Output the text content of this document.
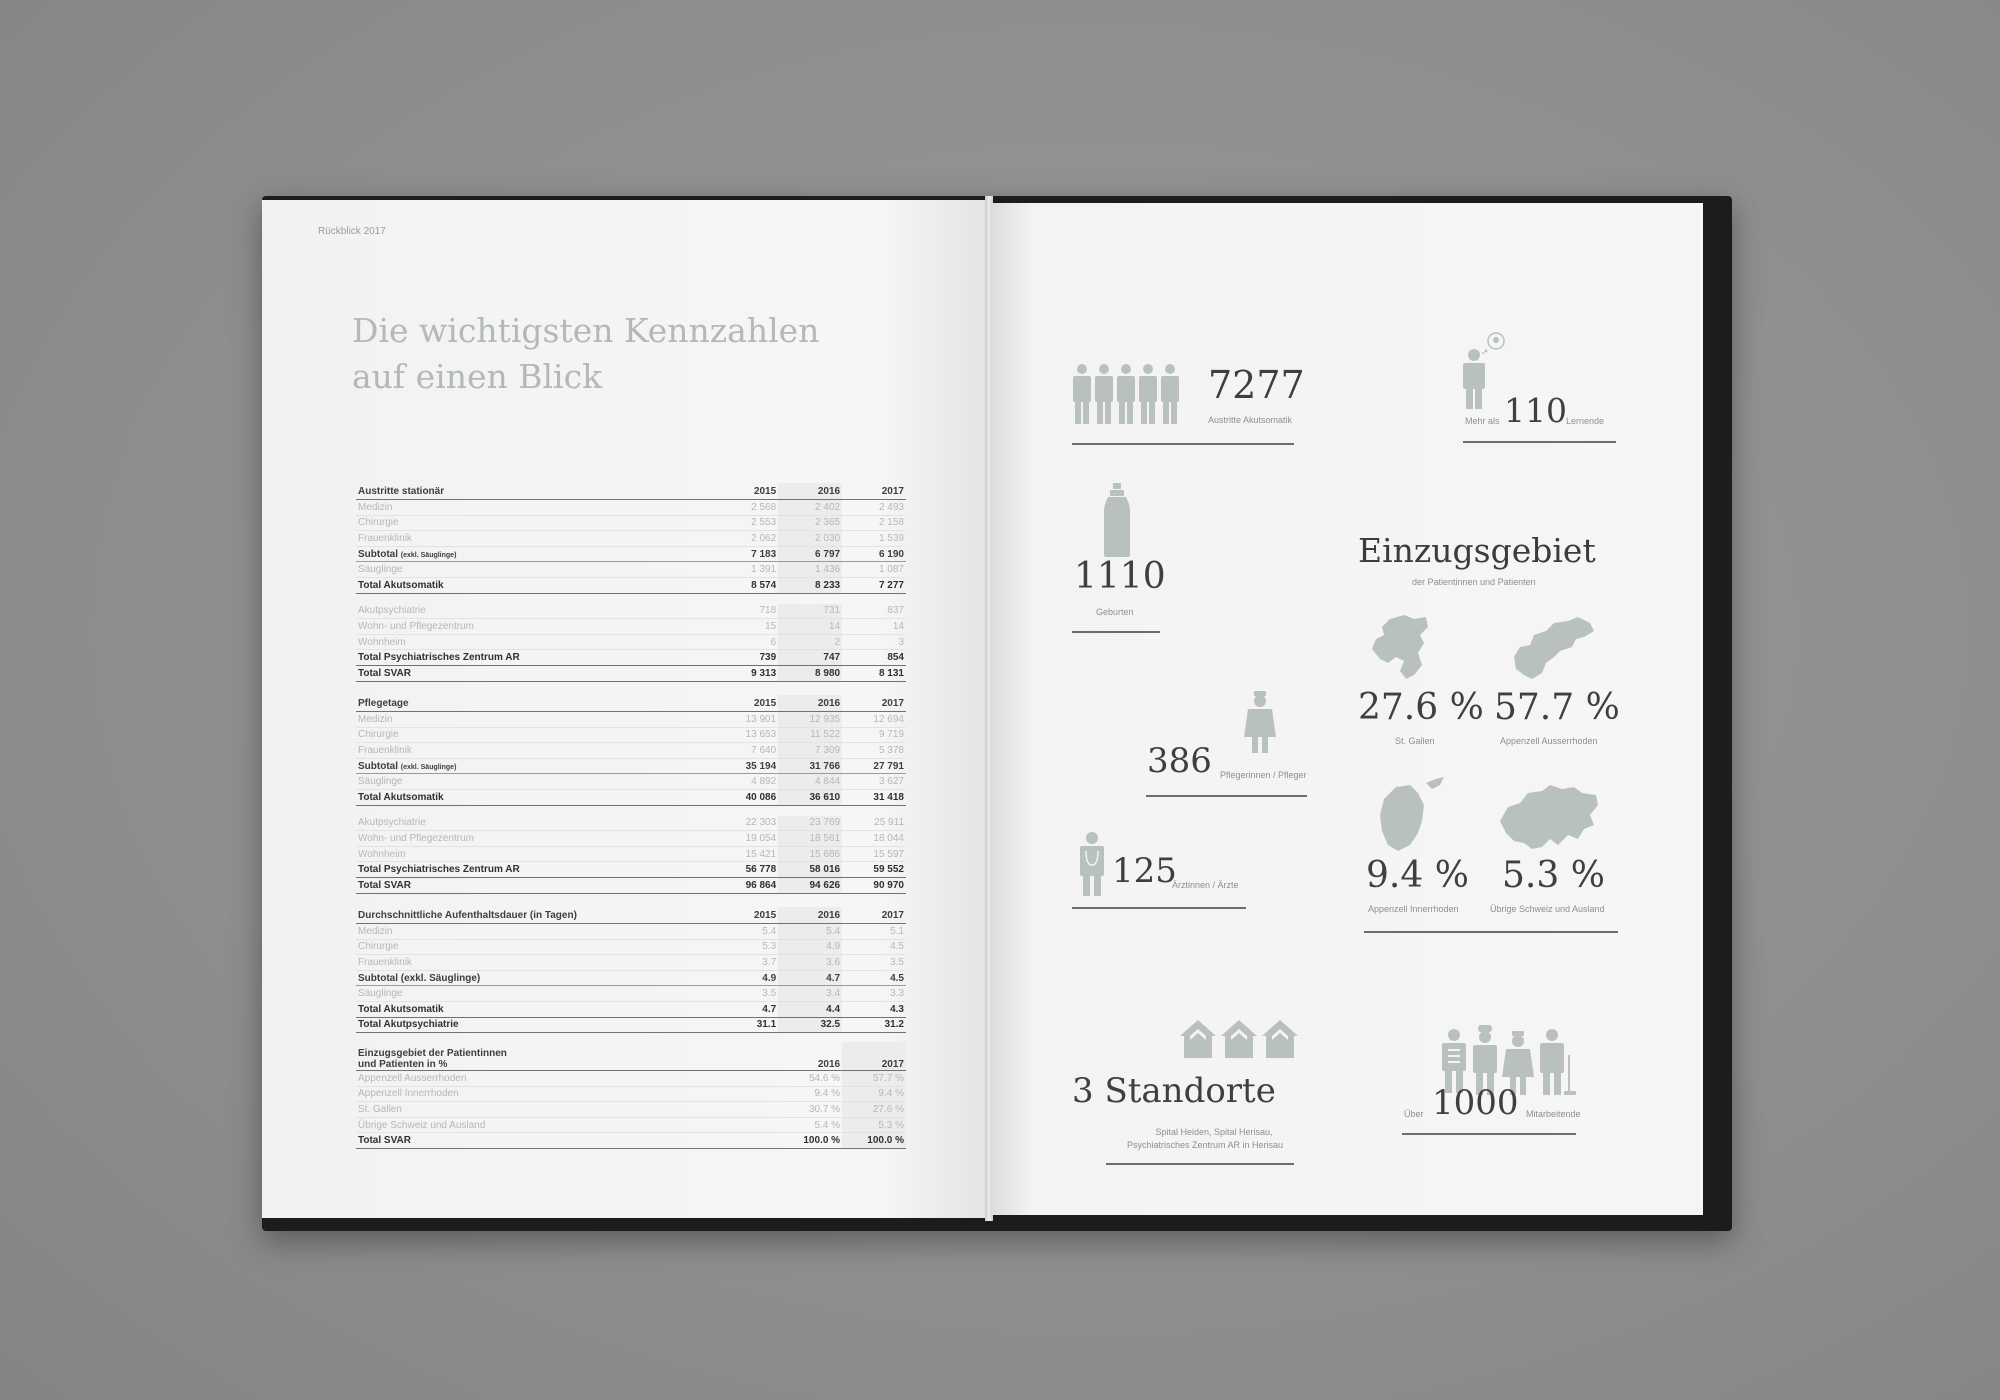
Rückblick 2017
Die wichtigsten Kennzahlen
auf einen Blick
Austritte stationär	2015	2016	2017
Medizin	2 568	2 402	2 493
Chirurgie	2 553	2 365	2 158
Frauenklinik	2 062	2 030	1 539
Subtotal (exkl. Säuglinge)	7 183	6 797	6 190
Säuglinge	1 391	1 436	1 087
Total Akutsomatik	8 574	8 233	7 277

Akutpsychiatrie	718	731	837
Wohn- und Pflegezentrum	15	14	14
Wohnheim	6	2	3
Total Psychiatrisches Zentrum AR	739	747	854
Total SVAR	9 313	8 980	8 131
Pflegetage	2015	2016	2017
Medizin	13 901	12 935	12 694
Chirurgie	13 653	11 522	9 719
Frauenklinik	7 640	7 309	5 378
Subtotal (exkl. Säuglinge)	35 194	31 766	27 791
Säuglinge	4 892	4 844	3 627
Total Akutsomatik	40 086	36 610	31 418

Akutpsychiatrie	22 303	23 769	25 911
Wohn- und Pflegezentrum	19 054	18 561	18 044
Wohnheim	15 421	15 686	15 597
Total Psychiatrisches Zentrum AR	56 778	58 016	59 552
Total SVAR	96 864	94 626	90 970
Durchschnittliche Aufenthaltsdauer (in Tagen)	2015	2016	2017
Medizin	5.4	5.4	5.1
Chirurgie	5.3	4.9	4.5
Frauenklinik	3.7	3.6	3.5
Subtotal (exkl. Säuglinge)	4.9	4.7	4.5
Säuglinge	3.5	3.4	3.3
Total Akutsomatik	4.7	4.4	4.3
Total Akutpsychiatrie	31.1	32.5	31.2
Einzugsgebiet der Patientinnen
und Patienten in %		2016	2017
Appenzell Ausserrhoden		54.6 %	57.7 %
Appenzell Innerrhoden		9.4 %	9.4 %
St. Gallen		30.7 %	27.6 %
Übrige Schweiz und Ausland		5.4 %	5.3 %
Total SVAR		100.0 %	100.0 %
7277
Austritte Akutsomatik	Mehr als 110 Lernende
1110
Geburten
Einzugsgebiet
der Patientinnen und Patienten
27.6 %
St. Gallen
57.7 %
Appenzell Ausserrhoden
9.4 %
Appenzell Innerrhoden
5.3 %
Übrige Schweiz und Ausland
386 Pflegerinnen / Pfleger
125
Ärztinnen / Ärzte
3 Standorte
Spital Heiden, Spital Herisau,
Psychiatrisches Zentrum AR in Herisau
Über 1000 Mitarbeitende
